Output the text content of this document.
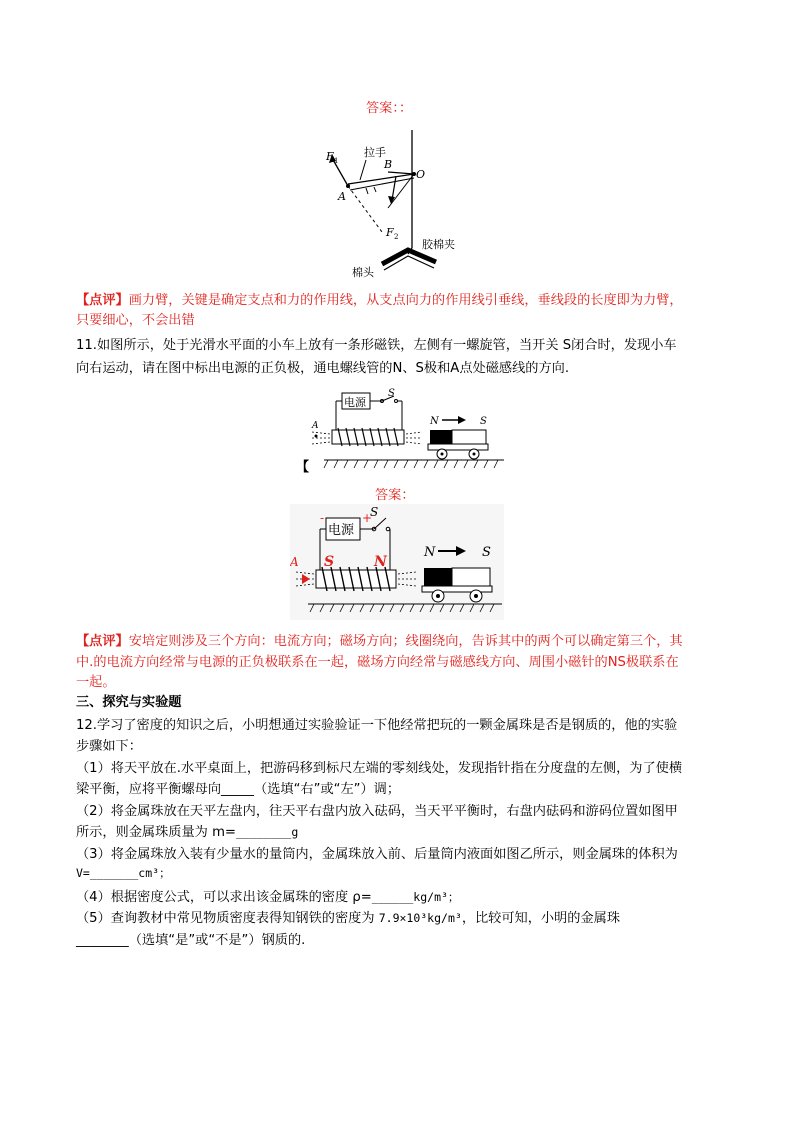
答案：：
F 1
拉手
B
O
A
F 2
胶棉夹
棉头
【点评】画力臂，关键是确定支点和力的作用线，从支点向力的作用线引垂线，垂线段的长度即为力臂，
只要细心，不会出错
11.如图所示，处于光滑水平面的小车上放有一条形磁铁，左侧有一螺旋管，当开关 S闭合时，发现小车
向右运动，请在图中标出电源的正负极，通电螺线管的N、S极和A点处磁感线的方向.
电源
S
A	N	S
【
答案：
电源
-	+
S
S	N
A
N	S
【点评】安培定则涉及三个方向：电流方向；磁场方向；线圈绕向，告诉其中的两个可以确定第三个，其
中.的电流方向经常与电源的正负极联系在一起，磁场方向经常与磁感线方向、周围小磁针的NS极联系在
一起。
三、探究与实验题
12.学习了密度的知识之后，小明想通过实验验证一下他经常把玩的一颗金属珠是否是钢质的，他的实验
步骤如下：
（1）将天平放在.水平桌面上，把游码移到标尺左端的零刻线处，发现指针指在分度盘的左侧，为了使横
梁平衡，应将平衡螺母向_____（选填“右”或“左”）调；
（2）将金属珠放在天平左盘内，往天平右盘内放入砝码，当天平平衡时，右盘内砝码和游码位置如图甲
所示，则金属珠质量为 m=________g
（3）将金属珠放入装有少量水的量筒内，金属珠放入前、后量筒内液面如图乙所示，则金属珠的体积为
V=_______cm³；
（4）根据密度公式，可以求出该金属珠的密度 ρ=______kg/m³；
（5）查询教材中常见物质密度表得知钢铁的密度为 7.9×10³kg/m³，比较可知，小明的金属珠
________（选填“是”或“不是”）钢质的.
